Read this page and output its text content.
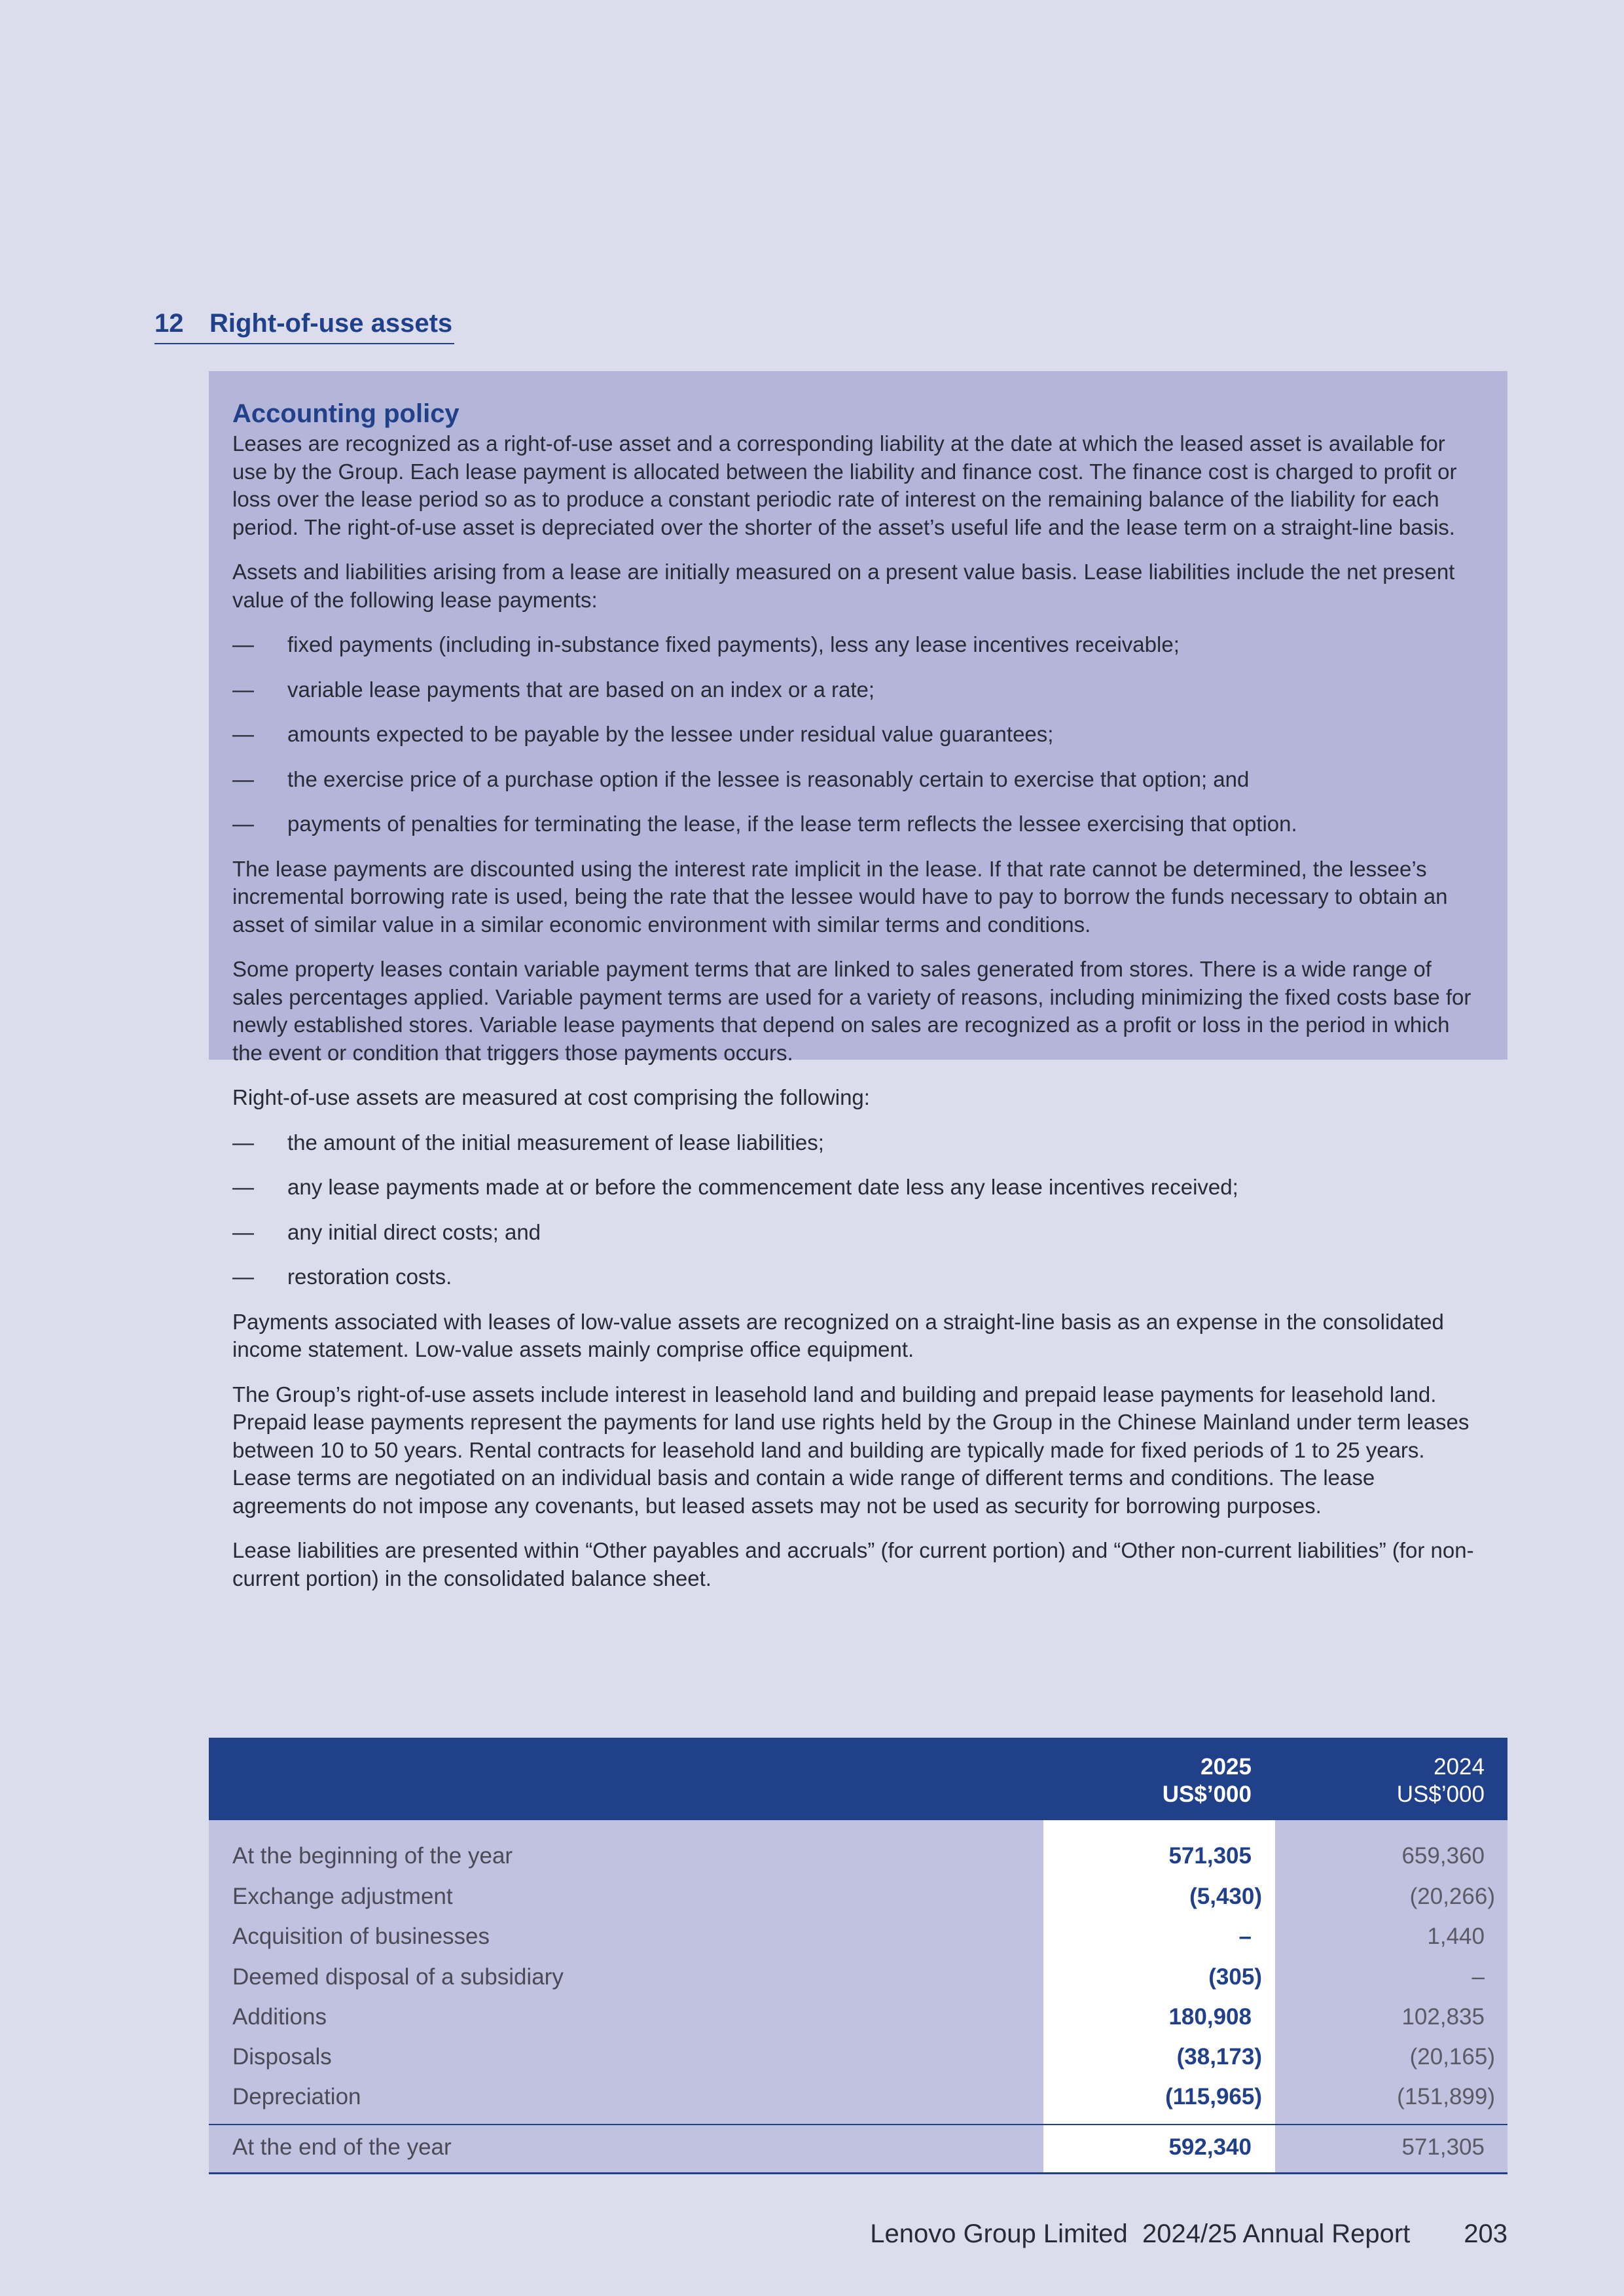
12 Right-of-use assets
Accounting policy

Leases are recognized as a right-of-use asset and a corresponding liability at the date at which the leased asset is available for use by the Group. Each lease payment is allocated between the liability and finance cost. The finance cost is charged to profit or loss over the lease period so as to produce a constant periodic rate of interest on the remaining balance of the liability for each period. The right-of-use asset is depreciated over the shorter of the asset’s useful life and the lease term on a straight-line basis.

Assets and liabilities arising from a lease are initially measured on a present value basis. Lease liabilities include the net present value of the following lease payments:

—	fixed payments (including in-substance fixed payments), less any lease incentives receivable;
—	variable lease payments that are based on an index or a rate;
—	amounts expected to be payable by the lessee under residual value guarantees;
—	the exercise price of a purchase option if the lessee is reasonably certain to exercise that option; and
—	payments of penalties for terminating the lease, if the lease term reflects the lessee exercising that option.

The lease payments are discounted using the interest rate implicit in the lease. If that rate cannot be determined, the lessee’s incremental borrowing rate is used, being the rate that the lessee would have to pay to borrow the funds necessary to obtain an asset of similar value in a similar economic environment with similar terms and conditions.

Some property leases contain variable payment terms that are linked to sales generated from stores. There is a wide range of sales percentages applied. Variable payment terms are used for a variety of reasons, including minimizing the fixed costs base for newly established stores. Variable lease payments that depend on sales are recognized as a profit or loss in the period in which the event or condition that triggers those payments occurs.

Right-of-use assets are measured at cost comprising the following:

—	the amount of the initial measurement of lease liabilities;
—	any lease payments made at or before the commencement date less any lease incentives received;
—	any initial direct costs; and
—	restoration costs.

Payments associated with leases of low-value assets are recognized on a straight-line basis as an expense in the consolidated income statement. Low-value assets mainly comprise office equipment.

The Group’s right-of-use assets include interest in leasehold land and building and prepaid lease payments for leasehold land. Prepaid lease payments represent the payments for land use rights held by the Group in the Chinese Mainland under term leases between 10 to 50 years. Rental contracts for leasehold land and building are typically made for fixed periods of 1 to 25 years. Lease terms are negotiated on an individual basis and contain a wide range of different terms and conditions. The lease agreements do not impose any covenants, but leased assets may not be used as security for borrowing purposes.

Lease liabilities are presented within “Other payables and accruals” (for current portion) and “Other non-current liabilities” (for non-current portion) in the consolidated balance sheet.

2025
US$’000
2024
US$’000
At the beginning of the year	571,305	659,360
Exchange adjustment	(5,430)	(20,266)
Acquisition of businesses	–	1,440
Deemed disposal of a subsidiary	(305)	–
Additions	180,908	102,835
Disposals	(38,173)	(20,165)
Depreciation	(115,965)	(151,899)
At the end of the year	592,340	571,305
Lenovo Group Limited 2024/25 Annual Report 203
